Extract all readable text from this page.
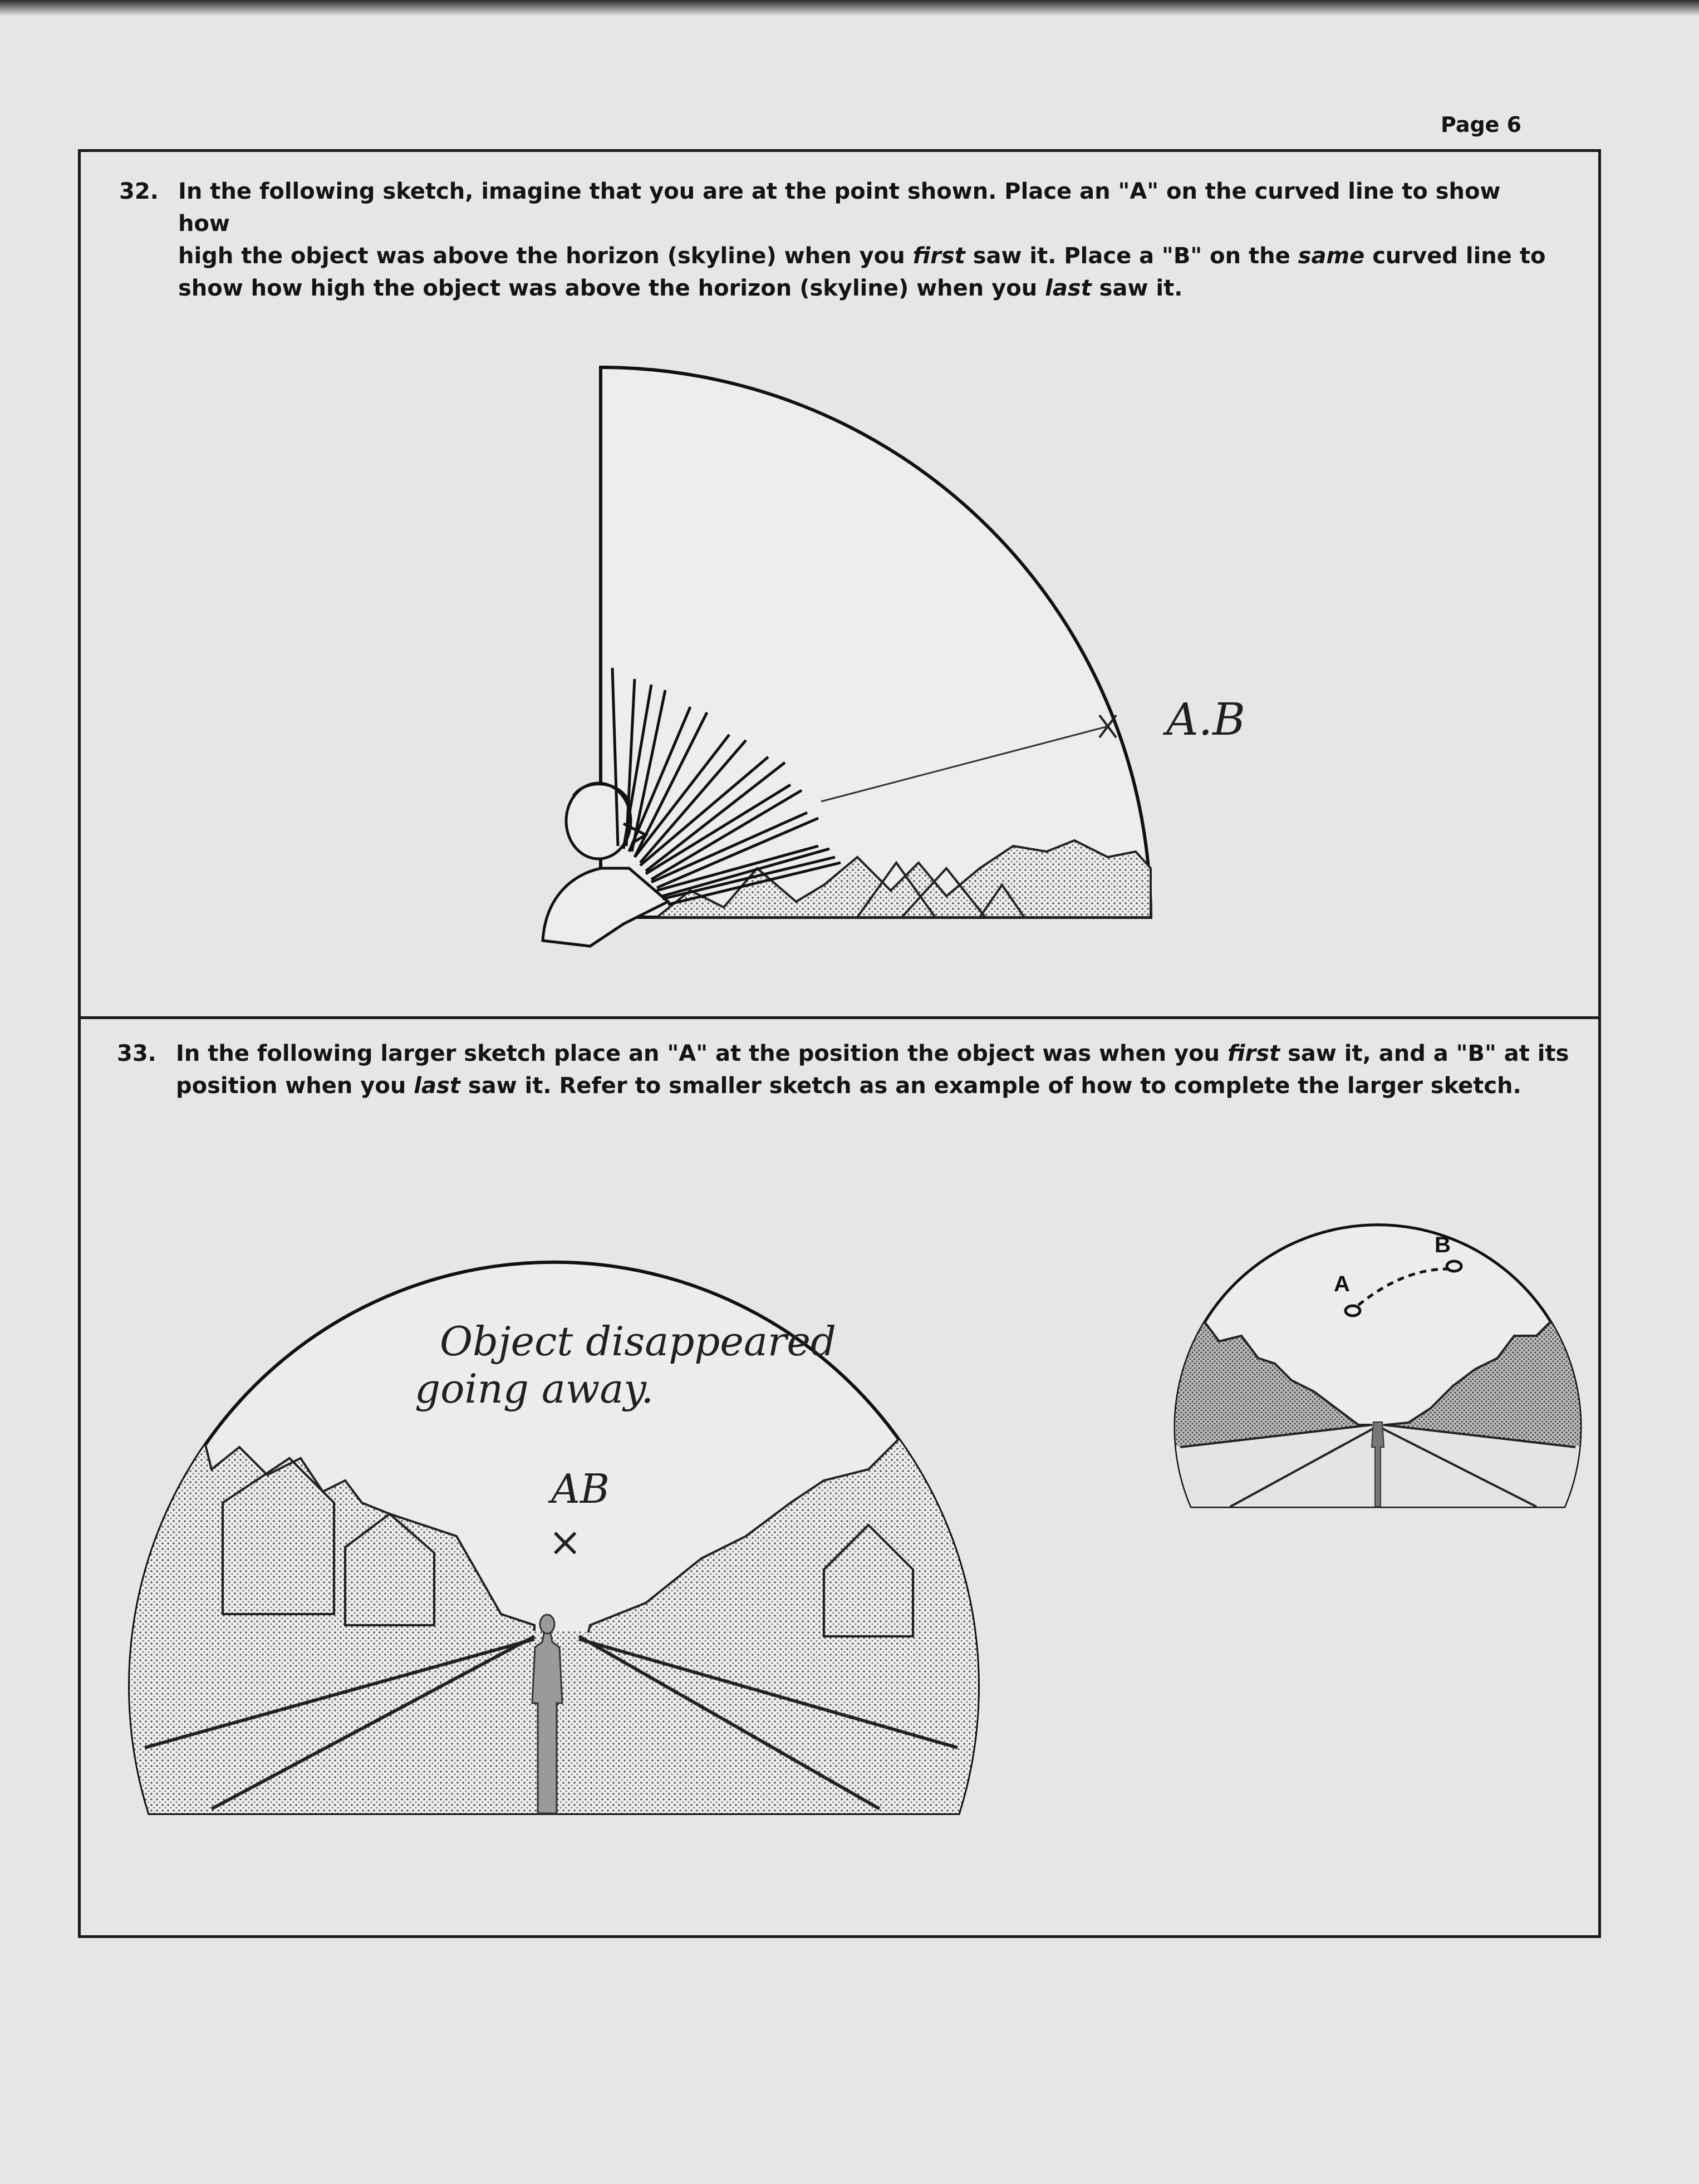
Page 6
32. In the following sketch, imagine that you are at the point shown. Place an "A" on the curved line to show how

high the object was above the horizon (skyline) when you first saw it. Place a "B" on the same curved line to

show how high the object was above the horizon (skyline) when you last saw it.

33. In the following larger sketch place an "A" at the position the object was when you first saw it, and a "B" at its

position when you last saw it. Refer to smaller sketch as an example of how to complete the larger sketch.

A.B
Object disappeared
going away.
AB
×
A
B
